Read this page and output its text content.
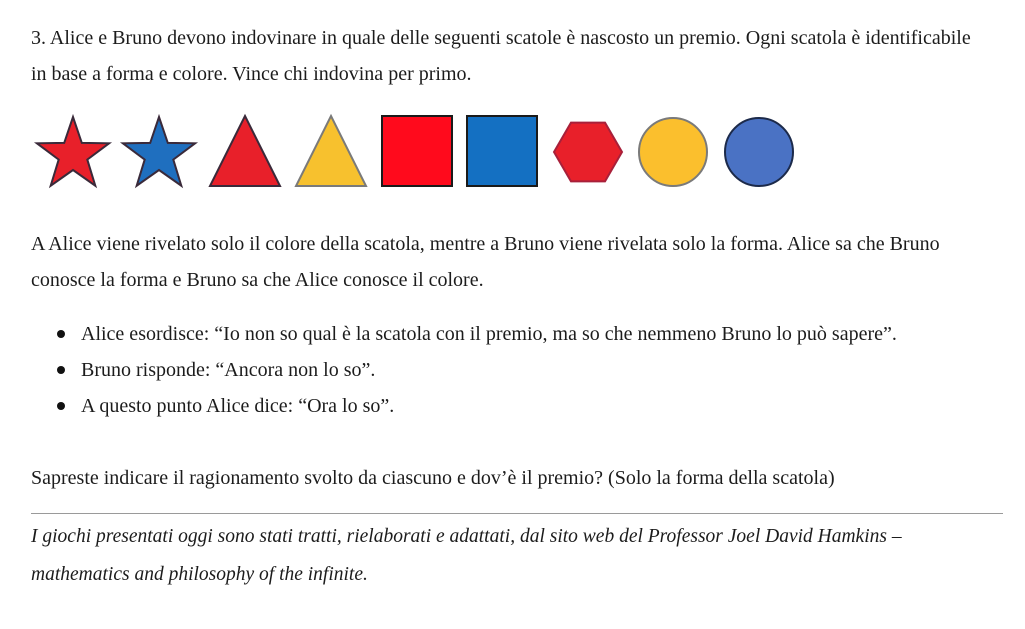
3. Alice e Bruno devono indovinare in quale delle seguenti scatole è nascosto un premio. Ogni scatola è identificabile in base a forma e colore. Vince chi indovina per primo.

A Alice viene rivelato solo il colore della scatola, mentre a Bruno viene rivelata solo la forma. Alice sa che Bruno conosce la forma e Bruno sa che Alice conosce il colore.

Alice esordisce: “Io non so qual è la scatola con il premio, ma so che nemmeno Bruno lo può sapere”.
Bruno risponde: “Ancora non lo so”.
A questo punto Alice dice: “Ora lo so”.

Sapreste indicare il ragionamento svolto da ciascuno e dov’è il premio? (Solo la forma della scatola)

I giochi presentati oggi sono stati tratti, rielaborati e adattati, dal sito web del Professor Joel David Hamkins – mathematics and philosophy of the infinite.
